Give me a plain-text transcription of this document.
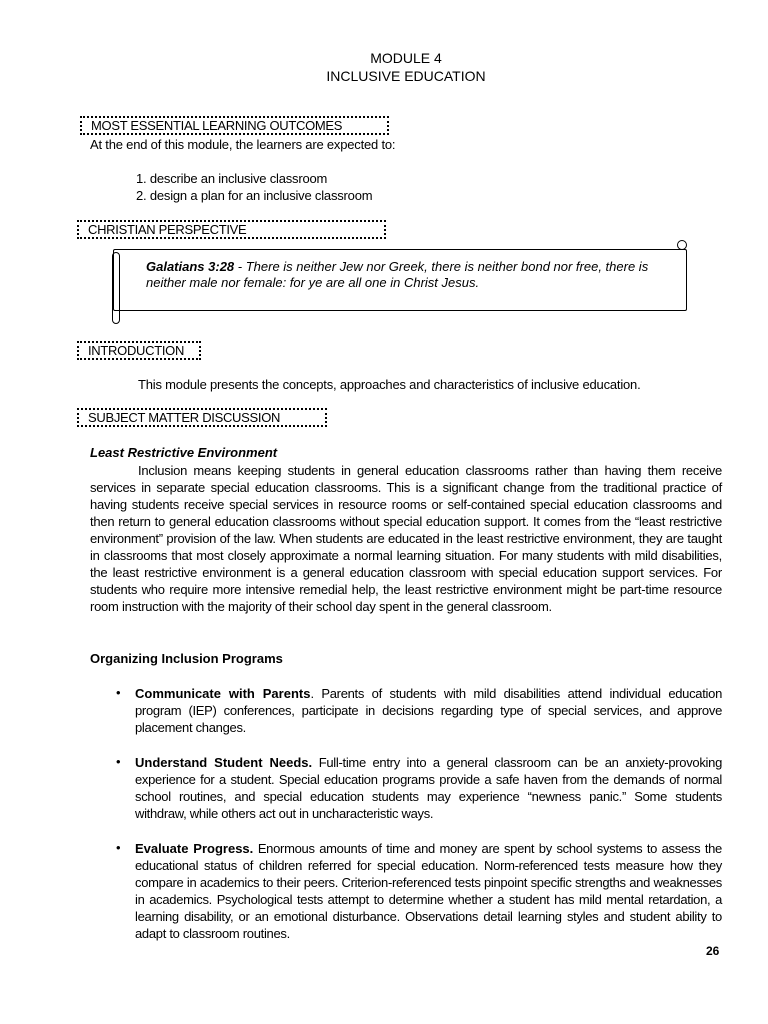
MODULE 4
INCLUSIVE EDUCATION
MOST ESSENTIAL LEARNING OUTCOMES
At the end of this module, the learners are expected to:
1. describe an inclusive classroom
2. design a plan for an inclusive classroom
CHRISTIAN PERSPECTIVE
Galatians 3:28 - There is neither Jew nor Greek, there is neither bond nor free, there is neither male nor female: for ye are all one in Christ Jesus.
INTRODUCTION
This module presents the concepts, approaches and characteristics of inclusive education.
SUBJECT MATTER DISCUSSION
Least Restrictive Environment
Inclusion means keeping students in general education classrooms rather than having them receive services in separate special education classrooms. This is a significant change from the traditional practice of having students receive special services in resource rooms or self-contained special education classrooms and then return to general education classrooms without special education support. It comes from the “least restrictive environment” provision of the law. When students are educated in the least restrictive environment, they are taught in classrooms that most closely approximate a normal learning situation. For many students with mild disabilities, the least restrictive environment is a general education classroom with special education support services. For students who require more intensive remedial help, the least restrictive environment might be part-time resource room instruction with the majority of their school day spent in the general classroom.
Organizing Inclusion Programs
• Communicate with Parents. Parents of students with mild disabilities attend individual education program (IEP) conferences, participate in decisions regarding type of special services, and approve placement changes.
• Understand Student Needs. Full-time entry into a general classroom can be an anxiety-provoking experience for a student. Special education programs provide a safe haven from the demands of normal school routines, and special education students may experience “newness panic.” Some students withdraw, while others act out in uncharacteristic ways.
• Evaluate Progress. Enormous amounts of time and money are spent by school systems to assess the educational status of children referred for special education. Norm-referenced tests measure how they compare in academics to their peers. Criterion-referenced tests pinpoint specific strengths and weaknesses in academics. Psychological tests attempt to determine whether a student has mild mental retardation, a learning disability, or an emotional disturbance. Observations detail learning styles and student ability to adapt to classroom routines.
26
